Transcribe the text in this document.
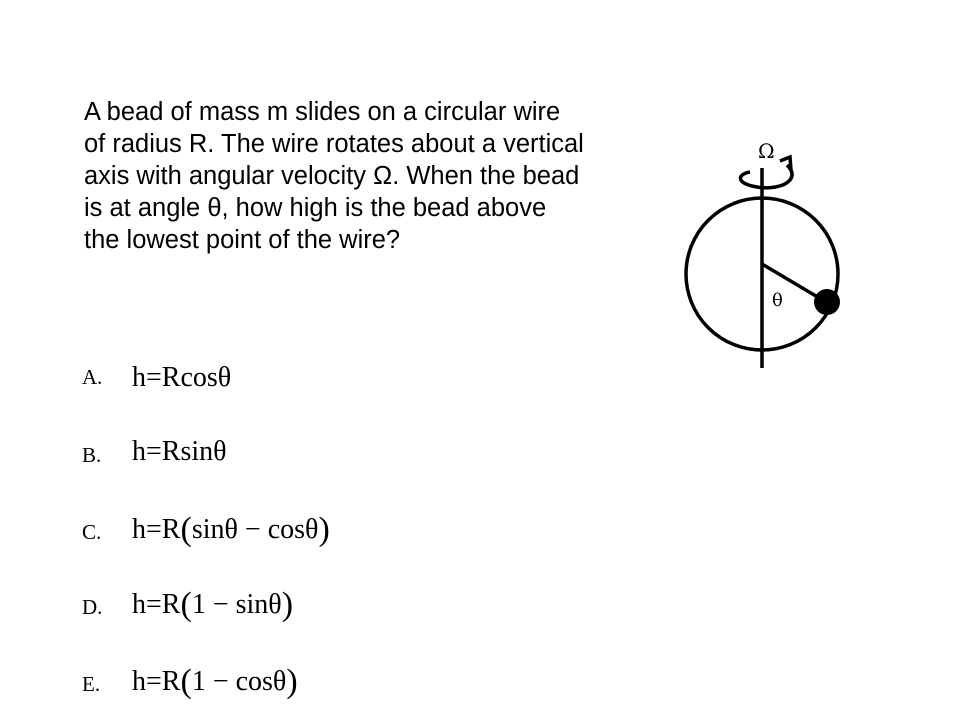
A bead of mass m slides on a circular wire of radius R. The wire rotates about a vertical axis with angular velocity Ω. When the bead is at angle θ, how high is the bead above the lowest point of the wire?

A. h=Rcosθ
B. h=Rsinθ
C. h=R(sinθ − cosθ)
D. h=R(1 − sinθ)
E. h=R(1 − cosθ)
Ω
θ
